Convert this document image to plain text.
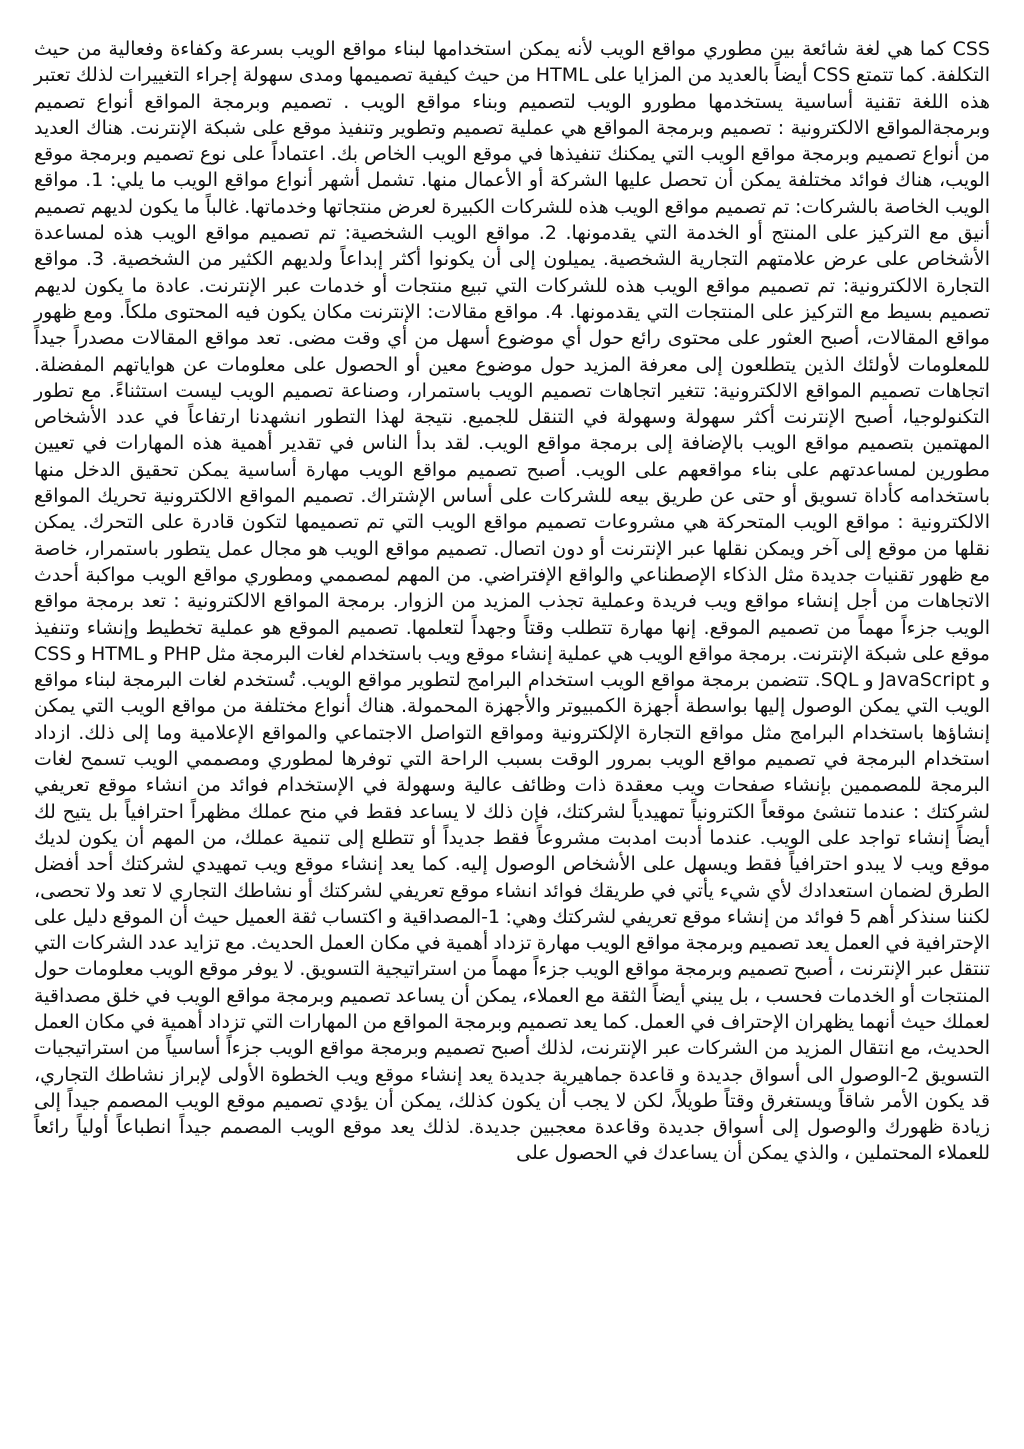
CSS كما هي لغة شائعة بين مطوري مواقع الويب لأنه يمكن استخدامها لبناء مواقع الويب بسرعة وكفاءة وفعالية من حيث التكلفة. كما تتمتع CSS أيضاً بالعديد من المزايا على HTML من حيث كيفية تصميمها ومدى سهولة إجراء التغييرات لذلك تعتبر هذه اللغة تقنية أساسية يستخدمها مطورو الويب لتصميم وبناء مواقع الويب . تصميم وبرمجة المواقع أنواع تصميم وبرمجةالمواقع الالكترونية : تصميم وبرمجة المواقع هي عملية تصميم وتطوير وتنفيذ موقع على شبكة الإنترنت. هناك العديد من أنواع تصميم وبرمجة مواقع الويب التي يمكنك تنفيذها في موقع الويب الخاص بك. اعتماداً على نوع تصميم وبرمجة موقع الويب، هناك فوائد مختلفة يمكن أن تحصل عليها الشركة أو الأعمال منها. تشمل أشهر أنواع مواقع الويب ما يلي: 1. مواقع الويب الخاصة بالشركات: تم تصميم مواقع الويب هذه للشركات الكبيرة لعرض منتجاتها وخدماتها. غالباً ما يكون لديهم تصميم أنيق مع التركيز على المنتج أو الخدمة التي يقدمونها. 2. مواقع الويب الشخصية: تم تصميم مواقع الويب هذه لمساعدة الأشخاص على عرض علامتهم التجارية الشخصية. يميلون إلى أن يكونوا أكثر إبداعاً ولديهم الكثير من الشخصية. 3. مواقع التجارة الالكترونية: تم تصميم مواقع الويب هذه للشركات التي تبيع منتجات أو خدمات عبر الإنترنت. عادة ما يكون لديهم تصميم بسيط مع التركيز على المنتجات التي يقدمونها. 4. مواقع مقالات: الإنترنت مكان يكون فيه المحتوى ملكاً. ومع ظهور مواقع المقالات، أصبح العثور على محتوى رائع حول أي موضوع أسهل من أي وقت مضى. تعد مواقع المقالات مصدراً جيداً للمعلومات لأولئك الذين يتطلعون إلى معرفة المزيد حول موضوع معين أو الحصول على معلومات عن هواياتهم المفضلة. اتجاهات تصميم المواقع الالكترونية: تتغير اتجاهات تصميم الويب باستمرار، وصناعة تصميم الويب ليست استثناءً. مع تطور التكنولوجيا، أصبح الإنترنت أكثر سهولة وسهولة في التنقل للجميع. نتيجة لهذا التطور انشهدنا ارتفاعاً في عدد الأشخاص المهتمين بتصميم مواقع الويب بالإضافة إلى برمجة مواقع الويب. لقد بدأ الناس في تقدير أهمية هذه المهارات في تعيين مطورين لمساعدتهم على بناء مواقعهم على الويب. أصبح تصميم مواقع الويب مهارة أساسية يمكن تحقيق الدخل منها باستخدامه كأداة تسويق أو حتى عن طريق بيعه للشركات على أساس الإشتراك. تصميم المواقع الالكترونية تحريك المواقع الالكترونية : مواقع الويب المتحركة هي مشروعات تصميم مواقع الويب التي تم تصميمها لتكون قادرة على التحرك. يمكن نقلها من موقع إلى آخر ويمكن نقلها عبر الإنترنت أو دون اتصال. تصميم مواقع الويب هو مجال عمل يتطور باستمرار، خاصة مع ظهور تقنيات جديدة مثل الذكاء الإصطناعي والواقع الإفتراضي. من المهم لمصممي ومطوري مواقع الويب مواكبة أحدث الاتجاهات من أجل إنشاء مواقع ويب فريدة وعملية تجذب المزيد من الزوار. برمجة المواقع الالكترونية : تعد برمجة مواقع الويب جزءاً مهماً من تصميم الموقع. إنها مهارة تتطلب وقتاً وجهداً لتعلمها. تصميم الموقع هو عملية تخطيط وإنشاء وتنفيذ موقع على شبكة الإنترنت. برمجة مواقع الويب هي عملية إنشاء موقع ويب باستخدام لغات البرمجة مثل PHP و HTML و CSS و JavaScript و SQL. تتضمن برمجة مواقع الويب استخدام البرامج لتطوير مواقع الويب. تُستخدم لغات البرمجة لبناء مواقع الويب التي يمكن الوصول إليها بواسطة أجهزة الكمبيوتر والأجهزة المحمولة. هناك أنواع مختلفة من مواقع الويب التي يمكن إنشاؤها باستخدام البرامج مثل مواقع التجارة الإلكترونية ومواقع التواصل الاجتماعي والمواقع الإعلامية وما إلى ذلك. ازداد استخدام البرمجة في تصميم مواقع الويب بمرور الوقت بسبب الراحة التي توفرها لمطوري ومصممي الويب تسمح لغات البرمجة للمصممين بإنشاء صفحات ويب معقدة ذات وظائف عالية وسهولة في الإستخدام فوائد من انشاء موقع تعريفي لشركتك : عندما تنشئ موقعاً الكترونياً تمهيدياً لشركتك، فإن ذلك لا يساعد فقط في منح عملك مظهراً احترافياً بل يتيح لك أيضاً إنشاء تواجد على الويب. عندما أدبت امدبت مشروعاً فقط جديداً أو تتطلع إلى تنمية عملك، من المهم أن يكون لديك موقع ويب لا يبدو احترافياً فقط ويسهل على الأشخاص الوصول إليه. كما يعد إنشاء موقع ويب تمهيدي لشركتك أحد أفضل الطرق لضمان استعدادك لأي شيء يأتي في طريقك فوائد انشاء موقع تعريفي لشركتك أو نشاطك التجاري لا تعد ولا تحصى، لكننا سنذكر أهم 5 فوائد من إنشاء موقع تعريفي لشركتك وهي: 1-المصداقية و اكتساب ثقة العميل حيث أن الموقع دليل على الإحترافية في العمل يعد تصميم وبرمجة مواقع الويب مهارة تزداد أهمية في مكان العمل الحديث. مع تزايد عدد الشركات التي تنتقل عبر الإنترنت ، أصبح تصميم وبرمجة مواقع الويب جزءاً مهماً من استراتيجية التسويق. لا يوفر موقع الويب معلومات حول المنتجات أو الخدمات فحسب ، بل يبني أيضاً الثقة مع العملاء، يمكن أن يساعد تصميم وبرمجة مواقع الويب في خلق مصداقية لعملك حيث أنهما يظهران الإحتراف في العمل. كما يعد تصميم وبرمجة المواقع من المهارات التي تزداد أهمية في مكان العمل الحديث، مع انتقال المزيد من الشركات عبر الإنترنت، لذلك أصبح تصميم وبرمجة مواقع الويب جزءاً أساسياً من استراتيجيات التسويق 2-الوصول الى أسواق جديدة و قاعدة جماهيرية جديدة يعد إنشاء موقع ويب الخطوة الأولى لإبراز نشاطك التجاري، قد يكون الأمر شاقاً ويستغرق وقتاً طويلاً، لكن لا يجب أن يكون كذلك، يمكن أن يؤدي تصميم موقع الويب المصمم جيداً إلى زيادة ظهورك والوصول إلى أسواق جديدة وقاعدة معجبين جديدة. لذلك يعد موقع الويب المصمم جيداً انطباعاً أولياً رائعاً للعملاء المحتملين ، والذي يمكن أن يساعدك في الحصول على
